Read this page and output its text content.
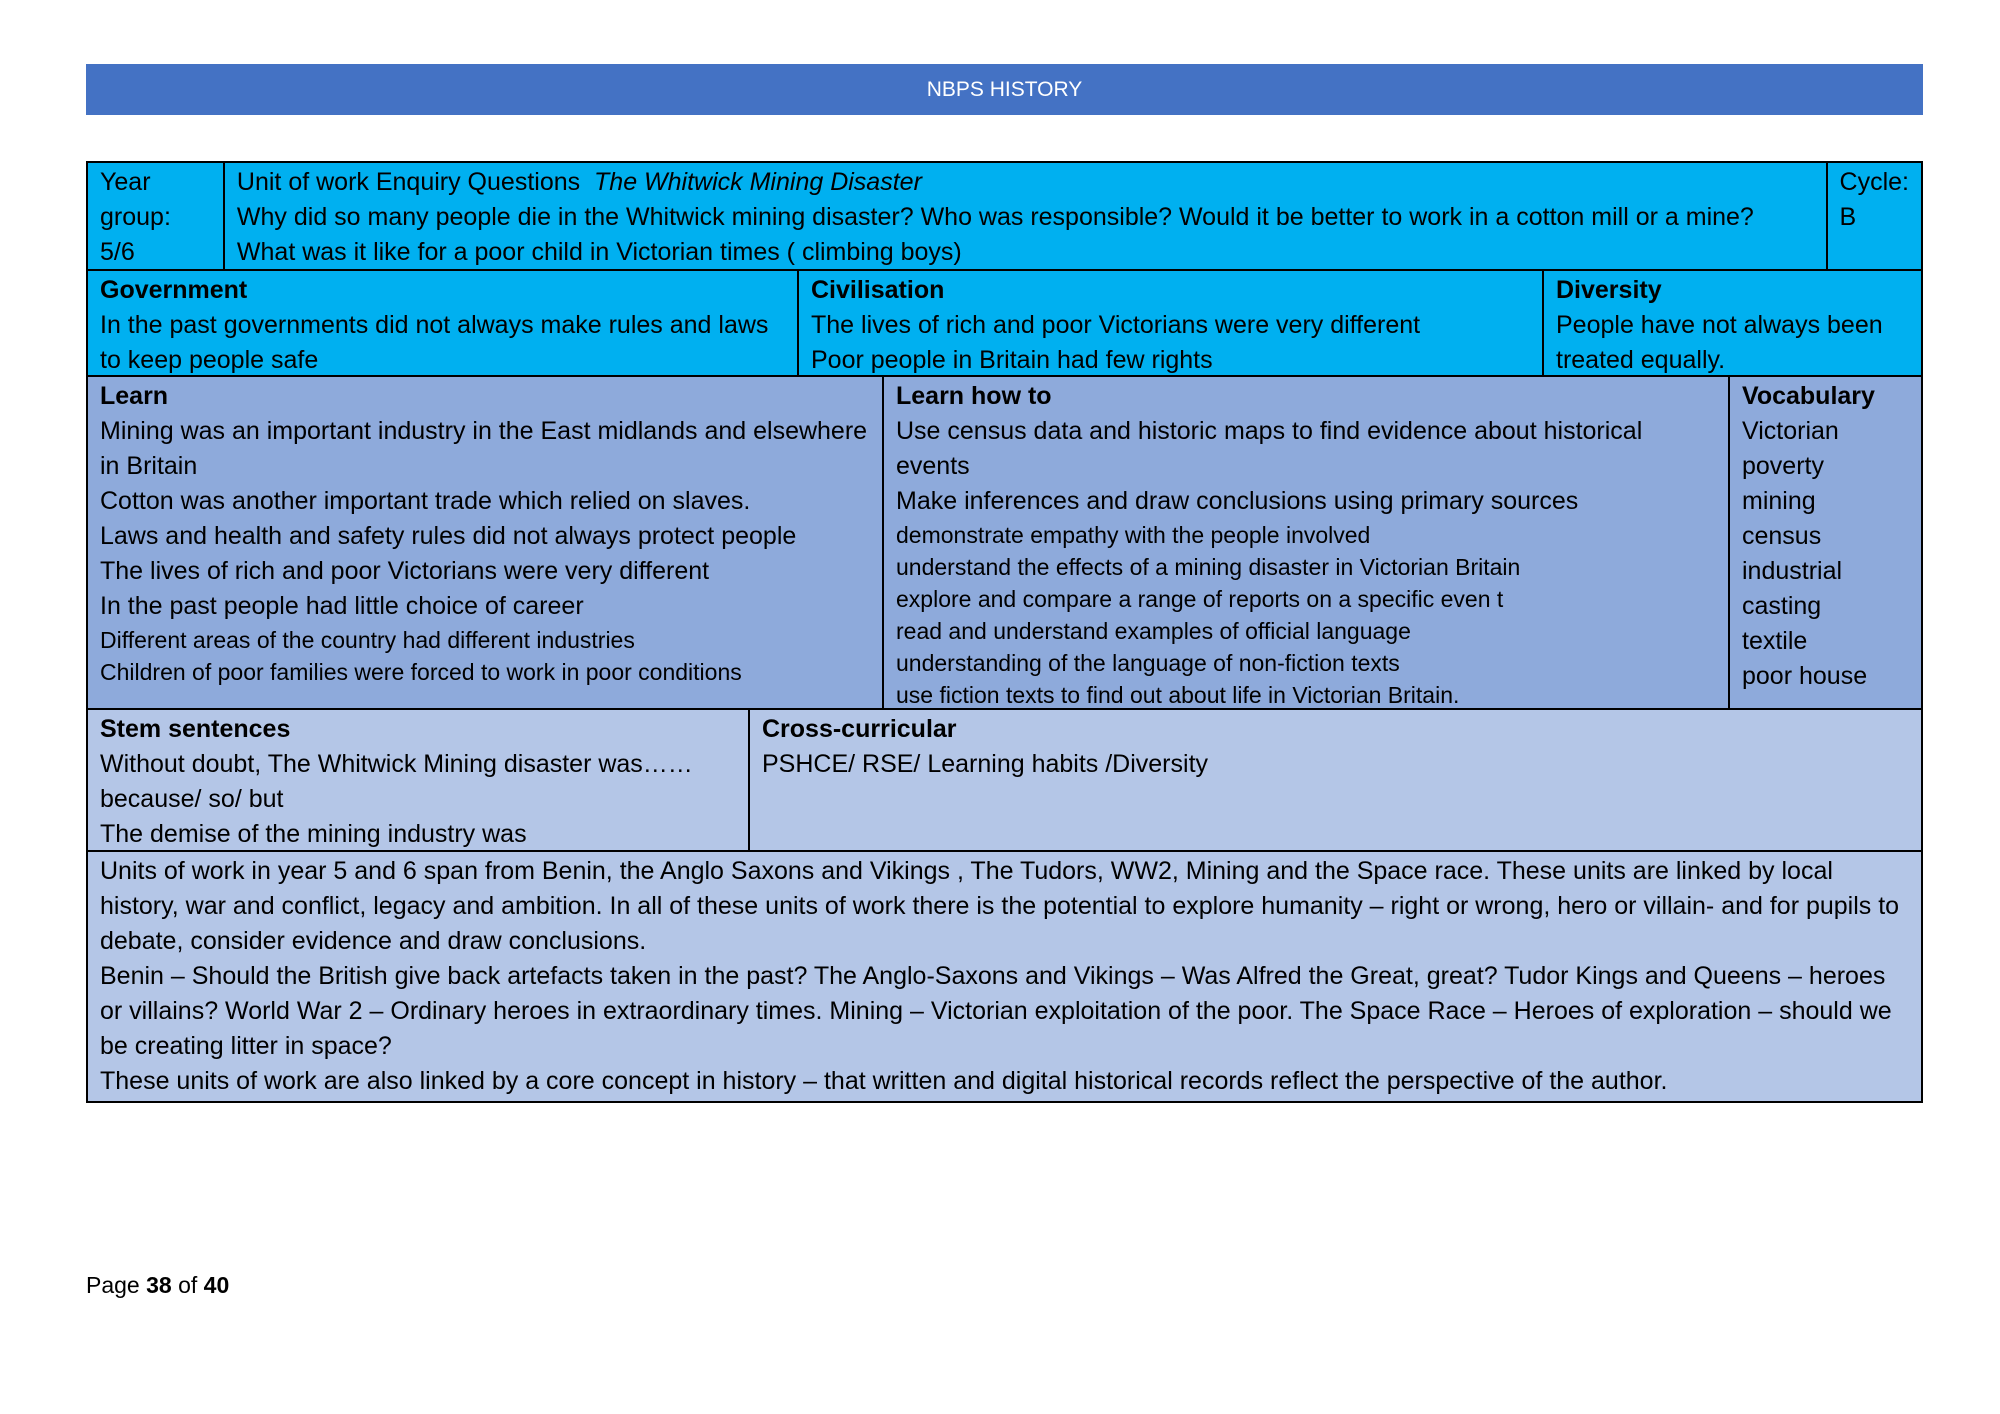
NBPS HISTORY
Year group: 5/6
Unit of work Enquiry Questions The Whitwick Mining Disaster
Why did so many people die in the Whitwick mining disaster? Who was responsible? Would it be better to work in a cotton mill or a mine? What was it like for a poor child in Victorian times ( climbing boys)
Cycle: B
Government
In the past governments did not always make rules and laws to keep people safe
Civilisation
The lives of rich and poor Victorians were very different
Poor people in Britain had few rights
Diversity
People have not always been treated equally.
Learn
Mining was an important industry in the East midlands and elsewhere in Britain
Cotton was another important trade which relied on slaves.
Laws and health and safety rules did not always protect people
The lives of rich and poor Victorians were very different
In the past people had little choice of career
Different areas of the country had different industries
Children of poor families were forced to work in poor conditions
Learn how to
Use census data and historic maps to find evidence about historical events
Make inferences and draw conclusions using primary sources
demonstrate empathy with the people involved
understand the effects of a mining disaster in Victorian Britain
explore and compare a range of reports on a specific even t
read and understand examples of official language
understanding of the language of non-fiction texts
use fiction texts to find out about life in Victorian Britain.
Vocabulary
Victorian
poverty
mining
census
industrial
casting
textile
poor house
Stem sentences
Without doubt, The Whitwick Mining disaster was…… because/ so/ but
The demise of the mining industry was
Cross-curricular
PSHCE/ RSE/ Learning habits /Diversity
Units of work in year 5 and 6 span from Benin, the Anglo Saxons and Vikings , The Tudors, WW2, Mining and the Space race. These units are linked by local history, war and conflict, legacy and ambition. In all of these units of work there is the potential to explore humanity – right or wrong, hero or villain- and for pupils to debate, consider evidence and draw conclusions.
Benin – Should the British give back artefacts taken in the past? The Anglo-Saxons and Vikings – Was Alfred the Great, great? Tudor Kings and Queens – heroes or villains? World War 2 – Ordinary heroes in extraordinary times. Mining – Victorian exploitation of the poor. The Space Race – Heroes of exploration – should we be creating litter in space?
These units of work are also linked by a core concept in history – that written and digital historical records reflect the perspective of the author.
Page 38 of 40
